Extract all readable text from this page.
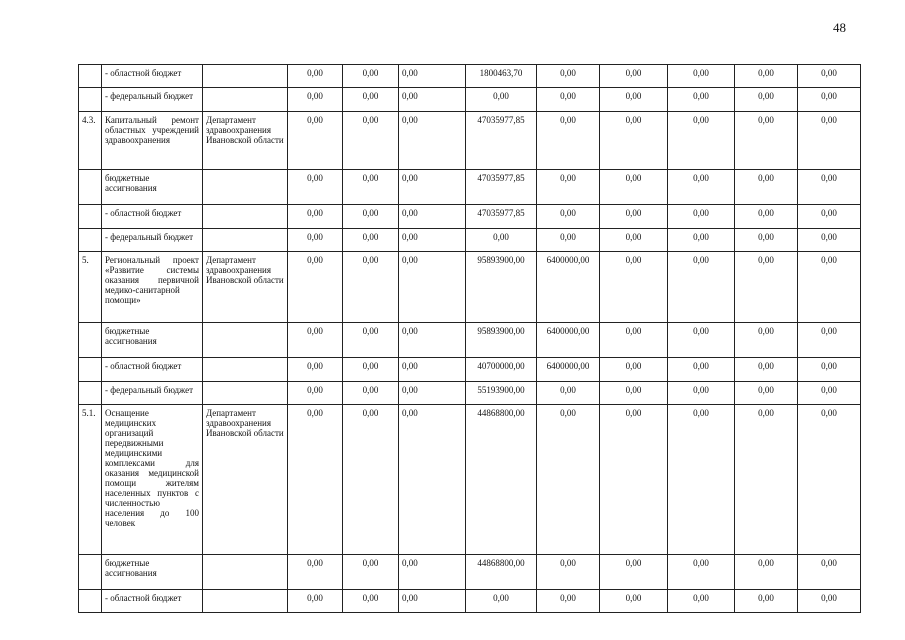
48
	- областной бюджет		0,00	0,00	0,00	1800463,70	0,00	0,00	0,00	0,00	0,00
	- федеральный бюджет		0,00	0,00	0,00	0,00	0,00	0,00	0,00	0,00	0,00
4.3.	Капитальный ремонт областных учреждений здравоохранения	Департамент здравоохранения Ивановской области	0,00	0,00	0,00	47035977,85	0,00	0,00	0,00	0,00	0,00
	бюджетные ассигнования		0,00	0,00	0,00	47035977,85	0,00	0,00	0,00	0,00	0,00
	- областной бюджет		0,00	0,00	0,00	47035977,85	0,00	0,00	0,00	0,00	0,00
	- федеральный бюджет		0,00	0,00	0,00	0,00	0,00	0,00	0,00	0,00	0,00
5.	Региональный проект «Развитие системы оказания первичной медико-санитарной помощи»	Департамент здравоохранения Ивановской области	0,00	0,00	0,00	95893900,00	6400000,00	0,00	0,00	0,00	0,00
	бюджетные ассигнования		0,00	0,00	0,00	95893900,00	6400000,00	0,00	0,00	0,00	0,00
	- областной бюджет		0,00	0,00	0,00	40700000,00	6400000,00	0,00	0,00	0,00	0,00
	- федеральный бюджет		0,00	0,00	0,00	55193900,00	0,00	0,00	0,00	0,00	0,00
5.1.	Оснащение медицинских организаций передвижными медицинскими комплексами для оказания медицинской помощи жителям населенных пунктов с численностью населения до 100 человек	Департамент здравоохранения Ивановской области	0,00	0,00	0,00	44868800,00	0,00	0,00	0,00	0,00	0,00
	бюджетные ассигнования		0,00	0,00	0,00	44868800,00	0,00	0,00	0,00	0,00	0,00
	- областной бюджет		0,00	0,00	0,00	0,00	0,00	0,00	0,00	0,00	0,00
